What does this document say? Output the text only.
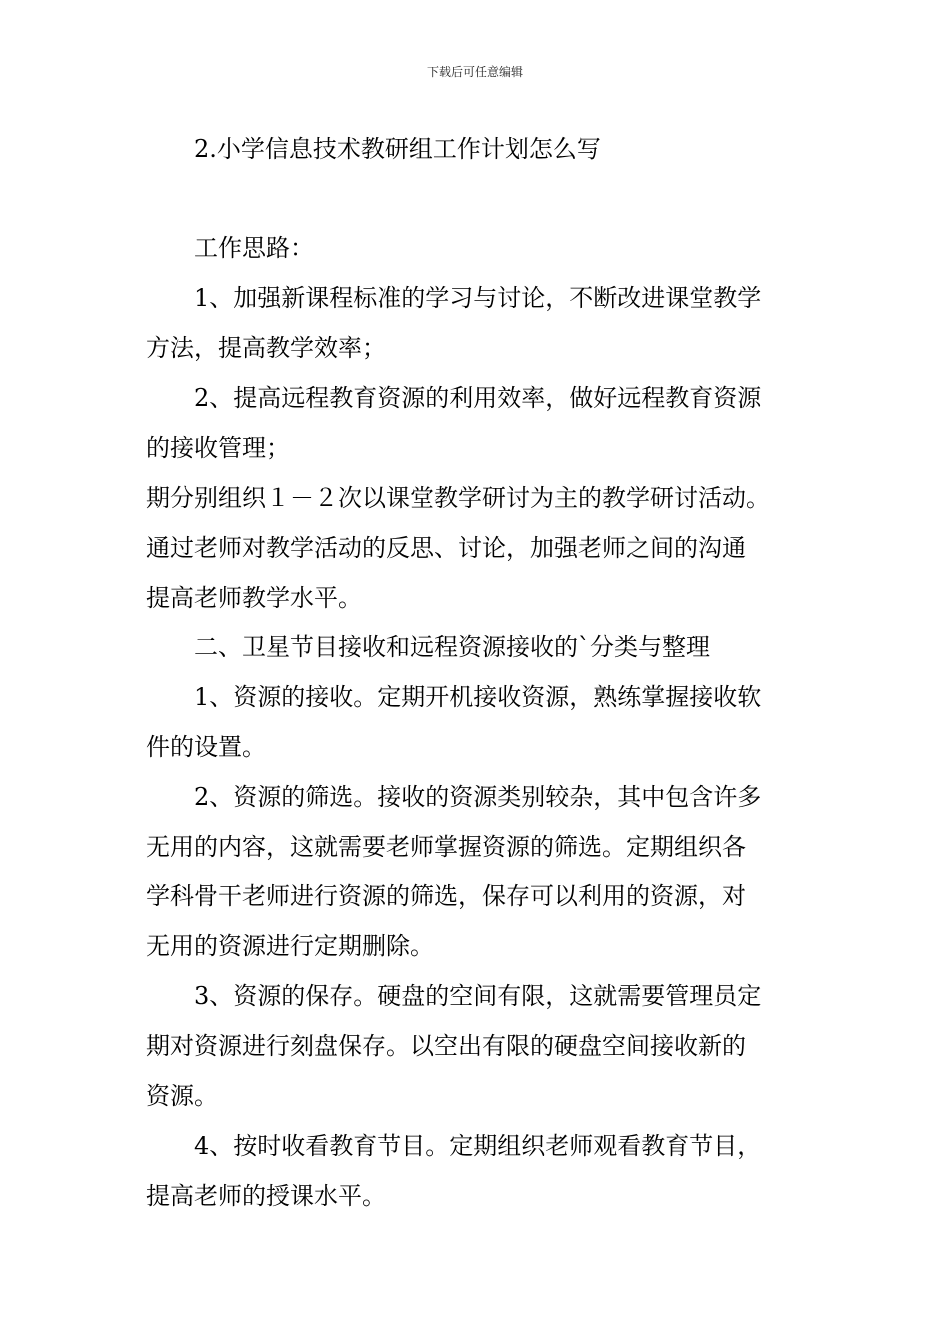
下载后可任意编辑
2.小学信息技术教研组工作计划怎么写
工作思路：
1、加强新课程标准的学习与讨论，不断改进课堂教学
方法，提高教学效率；
2、提高远程教育资源的利用效率，做好远程教育资源
的接收管理；
期分别组织１－２次以课堂教学研讨为主的教学研讨活动。
通过老师对教学活动的反思、讨论，加强老师之间的沟通
提高老师教学水平。
二、卫星节目接收和远程资源接收的`分类与整理
1、资源的接收。定期开机接收资源，熟练掌握接收软
件的设置。
2、资源的筛选。接收的资源类别较杂，其中包含许多
无用的内容，这就需要老师掌握资源的筛选。定期组织各
学科骨干老师进行资源的筛选，保存可以利用的资源，对
无用的资源进行定期删除。
3、资源的保存。硬盘的空间有限，这就需要管理员定
期对资源进行刻盘保存。以空出有限的硬盘空间接收新的
资源。
4、按时收看教育节目。定期组织老师观看教育节目，
提高老师的授课水平。
